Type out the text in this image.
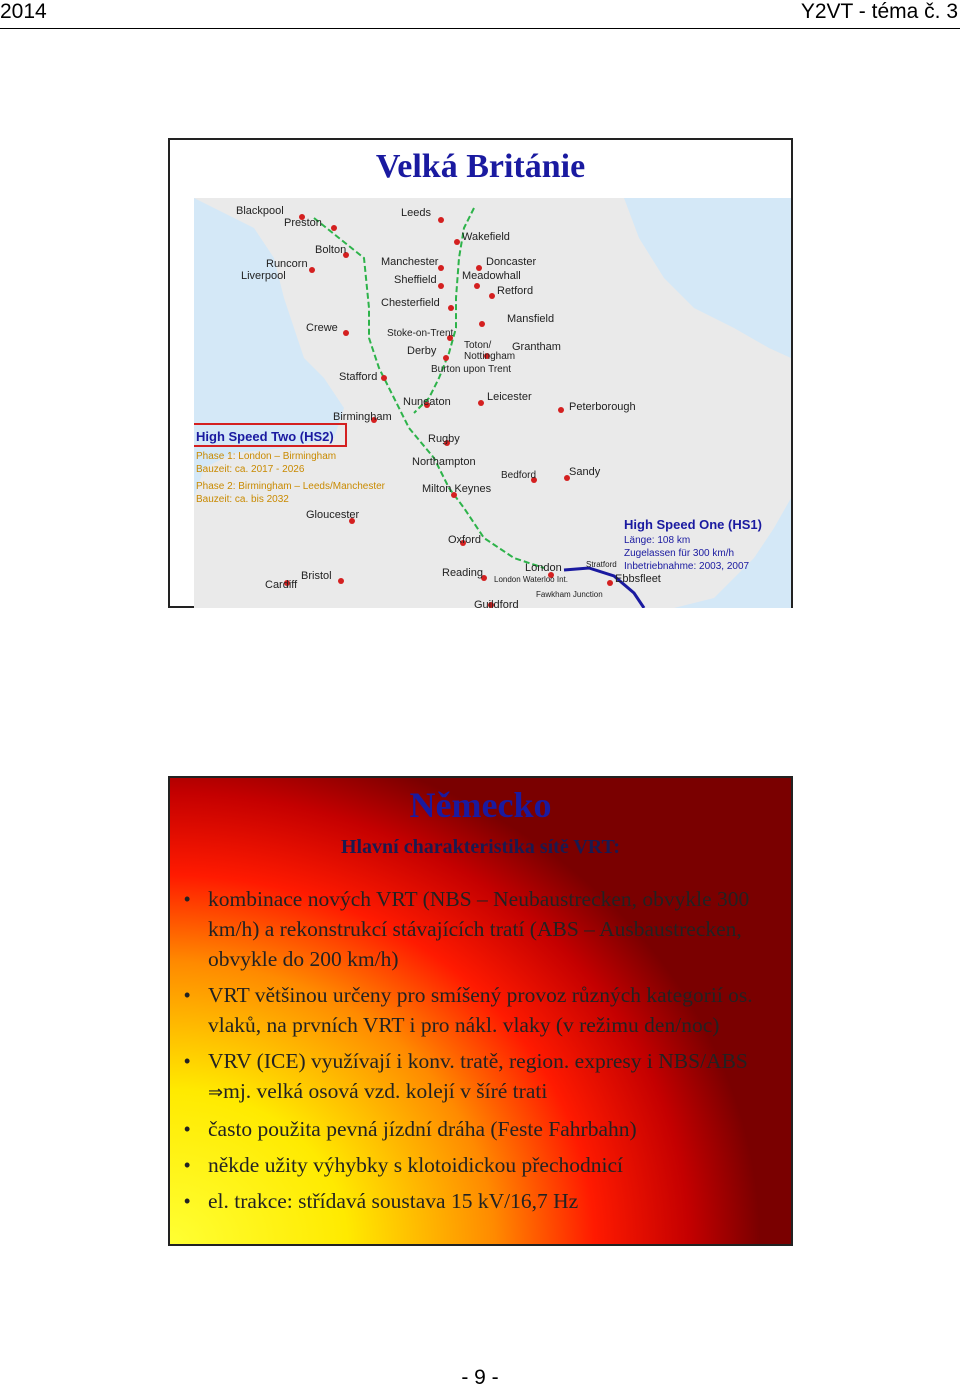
2014	Y2VT - téma č. 3
Velká Británie
Blackpool
Preston
Leeds
Wakefield
Bolton
Manchester	Doncaster
Runcorn
Liverpool	Sheffield Meadowhall
Retford
Chesterfield
Crewe
Mansfield
Stoke-on-Trent
Toton/
Nottingham
Grantham
Derby
Burton upon Trent
Stafford
Nuneaton	Leicester
Peterborough
Birmingham
Rugby
Northampton
Bedford	Sandy
Milton Keynes
Gloucester
Oxford
Cardiff
Bristol	Reading	London	Stratford
London Waterloo Int.	Ebbsfleet
Fawkham Junction
Guildford
High Speed Two (HS2)
Phase 1: London – Birmingham
Bauzeit: ca. 2017 - 2026
Phase 2: Birmingham – Leeds/Manchester
Bauzeit: ca. bis 2032
High Speed One (HS1)
Länge: 108 km
Zugelassen für 300 km/h
Inbetriebnahme: 2003, 2007
Německo
Hlavní charakteristika sítě VRT:
• kombinace nových VRT (NBS – Neubaustrecken, obvykle 300 km/h) a rekonstrukcí stávajících tratí (ABS – Ausbaustrecken, obvykle do 200 km/h)
• VRT většinou určeny pro smíšený provoz různých kategorií os. vlaků, na prvních VRT i pro nákl. vlaky (v režimu den/noc)
• VRV (ICE) využívají i konv. tratě, region. expresy i NBS/ABS ⇒mj. velká osová vzd. kolejí v šíré trati
• často použita pevná jízdní dráha (Feste Fahrbahn)
• někde užity výhybky s klotoidickou přechodnicí
• el. trakce: střídavá soustava 15 kV/16,7 Hz
- 9 -
